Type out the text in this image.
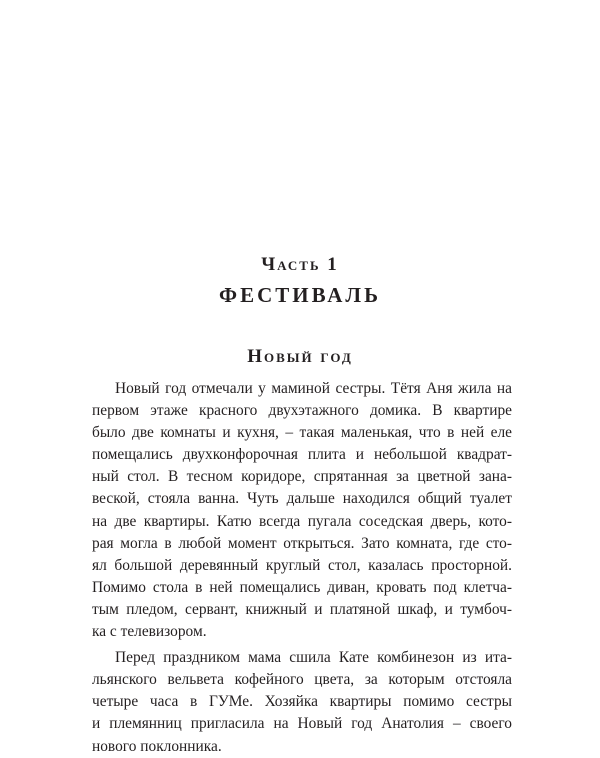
Часть 1
ФЕСТИВАЛЬ
Новый год
Новый год отмечали у маминой сестры. Тётя Аня жила на
первом этаже красного двухэтажного домика. В квартире
было две комнаты и кухня, – такая маленькая, что в ней еле
помещались двухконфорочная плита и небольшой квадрат-
ный стол. В тесном коридоре, спрятанная за цветной зана-
веской, стояла ванна. Чуть дальше находился общий туалет
на две квартиры. Катю всегда пугала соседская дверь, кото-
рая могла в любой момент открыться. Зато комната, где сто-
ял большой деревянный круглый стол, казалась просторной.
Помимо стола в ней помещались диван, кровать под клетча-
тым пледом, сервант, книжный и платяной шкаф, и тумбоч-
ка с телевизором.
Перед праздником мама сшила Кате комбинезон из ита-
льянского вельвета кофейного цвета, за которым отстояла
четыре часа в ГУМе. Хозяйка квартиры помимо сестры
и племянниц пригласила на Новый год Анатолия – своего
нового поклонника.
